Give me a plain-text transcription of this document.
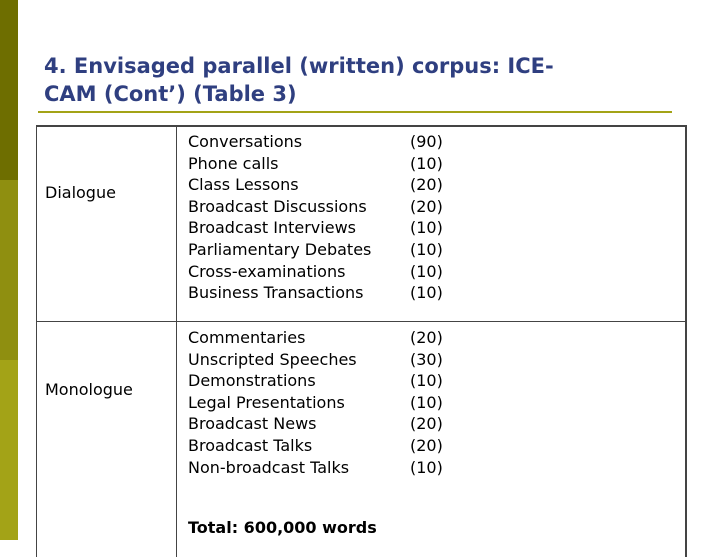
4. Envisaged parallel (written) corpus: ICE-
CAM (Cont’) (Table 3)
Dialogue
Conversations	(90)
Phone calls	(10)
Class Lessons	(20)
Broadcast Discussions	(20)
Broadcast Interviews	(10)
Parliamentary Debates (10)
Cross-examinations	(10)
Business Transactions	(10)
Monologue
Commentaries	(20)
Unscripted Speeches	(30)
Demonstrations	(10)
Legal Presentations	(10)
Broadcast News	(20)
Broadcast Talks	(20)
Non-broadcast Talks	(10)
Total: 600,000 words
